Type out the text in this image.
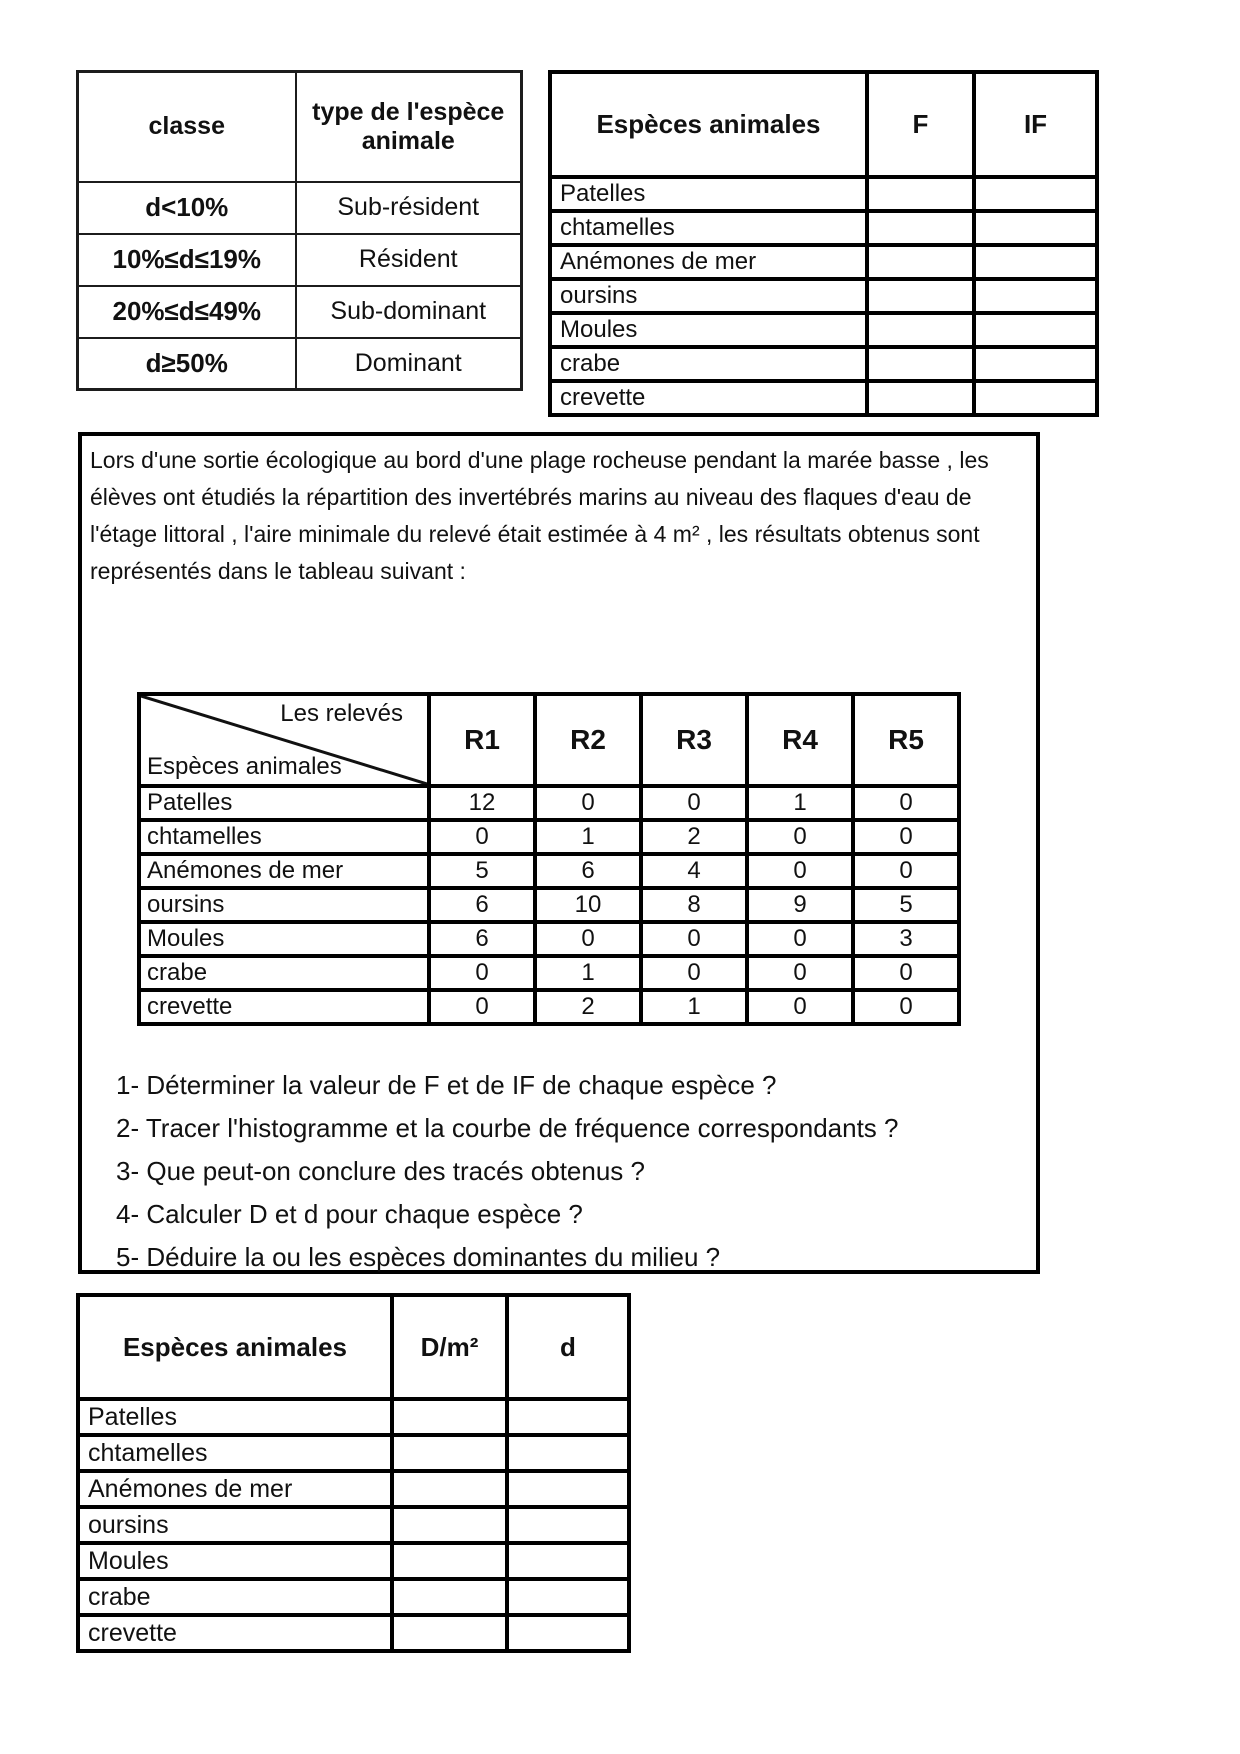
classe	type de l'espèce animale
d<10%	Sub-résident
10%≤d≤19%	Résident
20%≤d≤49%	Sub-dominant
d≥50%	Dominant
Espèces animales	F	IF
Patelles		
chtamelles		
Anémones de mer		
oursins		
Moules		
crabe		
crevette		

Lors d'une sortie écologique au bord d'une plage rocheuse pendant la marée basse , les élèves ont étudiés la répartition des invertébrés marins au niveau des flaques d'eau de l'étage littoral , l'aire minimale du relevé était estimée à 4 m² , les résultats obtenus sont représentés dans le tableau suivant :

Les relevés
Espèces animales	R1	R2	R3	R4	R5
Patelles	12	0	0	1	0
chtamelles	0	1	2	0	0
Anémones de mer	5	6	4	0	0
oursins	6	10	8	9	5
Moules	6	0	0	0	3
crabe	0	1	0	0	0
crevette	0	2	1	0	0
1- Déterminer la valeur de F et de IF de chaque espèce ?
2- Tracer l'histogramme et la courbe de fréquence correspondants ?
3- Que peut-on conclure des tracés obtenus ?
4- Calculer D et d pour chaque espèce ?
5- Déduire la ou les espèces dominantes du milieu ?
Espèces animales	D/m²	d
Patelles		
chtamelles		
Anémones de mer		
oursins		
Moules		
crabe		
crevette		
